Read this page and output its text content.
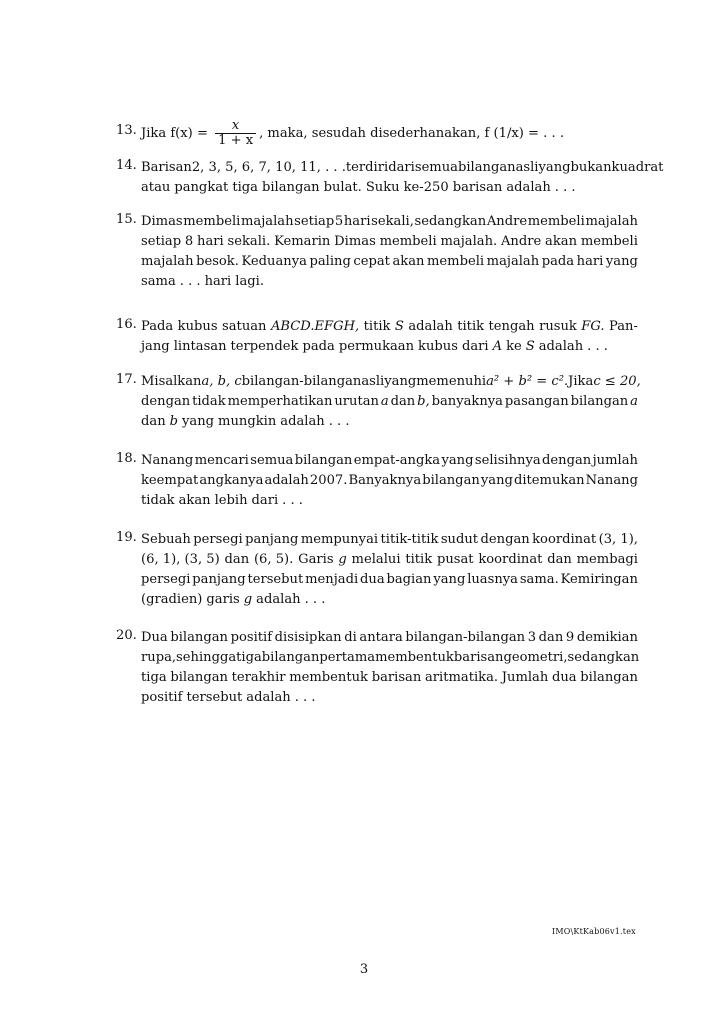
13. Jika $f(x) = \frac{x}{1 + x}$ , maka, sesudah disederhanakan, f (1/x) = . . .
14. Barisan 2, 3, 5, 6, 7, 10, 11, . . . terdiri dari semua bilangan asli yang bukan kuadrat
atau pangkat tiga bilangan bulat. Suku ke-250 barisan adalah . . .
15. Dimas membeli majalah setiap 5 hari sekali, sedangkan Andre membeli majalah
setiap 8 hari sekali. Kemarin Dimas membeli majalah. Andre akan membeli
majalah besok. Keduanya paling cepat akan membeli majalah pada hari yang
sama . . . hari lagi.
16. Pada kubus satuan ABCD.EFGH, titik S adalah titik tengah rusuk FG. Pan-
jang lintasan terpendek pada permukaan kubus dari A ke S adalah . . .
17. Misalkan a, b, c bilangan-bilangan asli yang memenuhi a² + b² = c². Jika c ≤ 20,
dengan tidak memperhatikan urutan a dan b, banyaknya pasangan bilangan a
dan b yang mungkin adalah . . .
18. Nanang mencari semua bilangan empat-angka yang selisihnya dengan jumlah
keempat angkanya adalah 2007. Banyaknya bilangan yang ditemukan Nanang
tidak akan lebih dari . . .
19. Sebuah persegi panjang mempunyai titik-titik sudut dengan koordinat (3, 1),
(6, 1), (3, 5) dan (6, 5). Garis g melalui titik pusat koordinat dan membagi
persegi panjang tersebut menjadi dua bagian yang luasnya sama. Kemiringan
(gradien) garis g adalah . . .
20. Dua bilangan positif disisipkan di antara bilangan-bilangan 3 dan 9 demikian
rupa, sehingga tiga bilangan pertama membentuk barisan geometri, sedangkan
tiga bilangan terakhir membentuk barisan aritmatika. Jumlah dua bilangan
positif tersebut adalah . . .
IMO\KtKab06v1.tex
3
